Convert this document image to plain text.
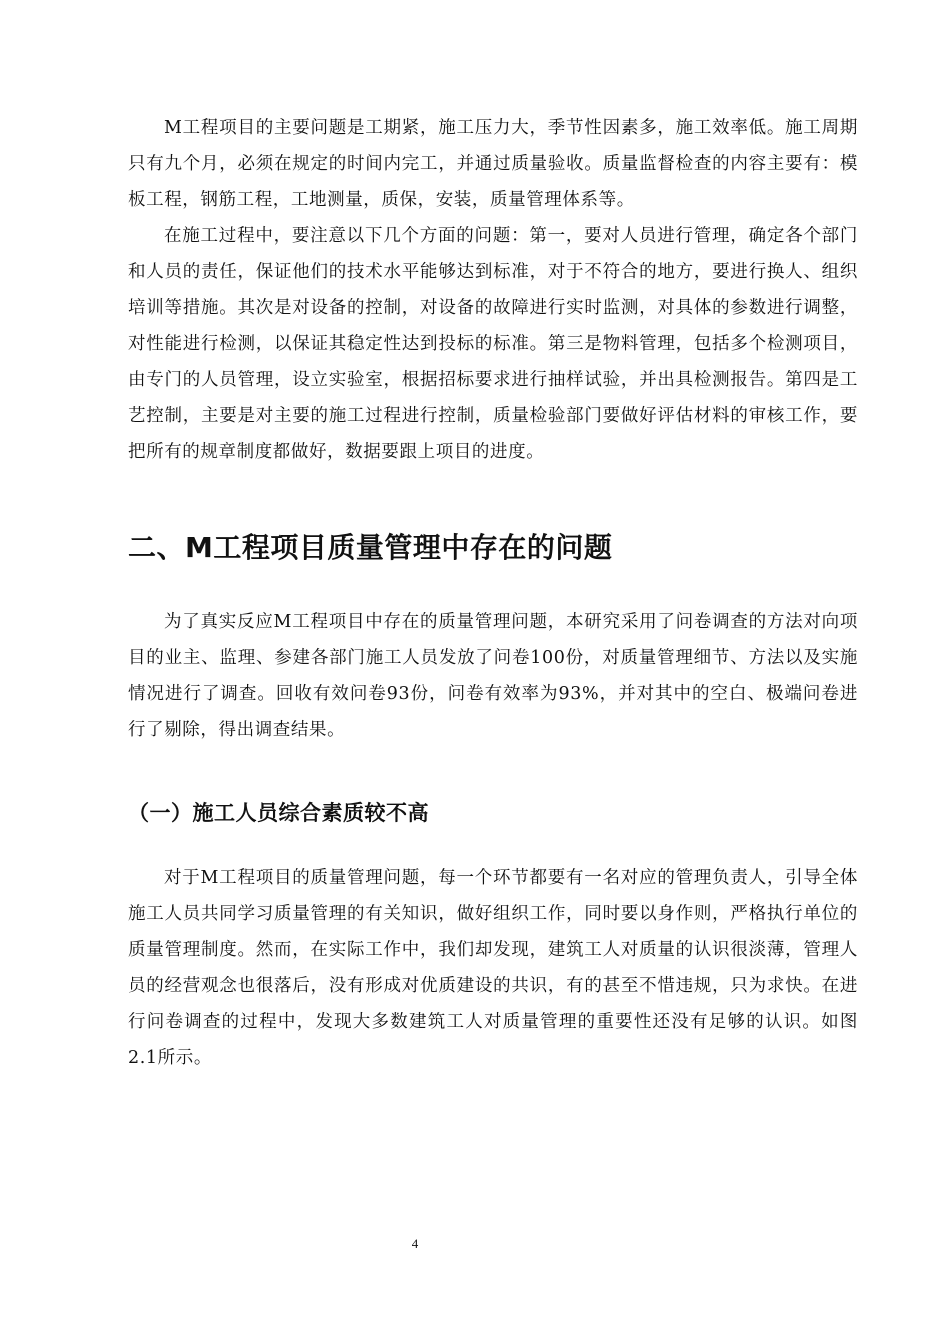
M工程项目的主要问题是工期紧，施工压力大，季节性因素多，施工效率低。施工周期只有九个月，必须在规定的时间内完工，并通过质量验收。质量监督检查的内容主要有：模板工程，钢筋工程，工地测量，质保，安装，质量管理体系等。

在施工过程中，要注意以下几个方面的问题：第一，要对人员进行管理，确定各个部门和人员的责任，保证他们的技术水平能够达到标准，对于不符合的地方，要进行换人、组织培训等措施。其次是对设备的控制，对设备的故障进行实时监测，对具体的参数进行调整，对性能进行检测，以保证其稳定性达到投标的标准。第三是物料管理，包括多个检测项目，由专门的人员管理，设立实验室，根据招标要求进行抽样试验，并出具检测报告。第四是工艺控制，主要是对主要的施工过程进行控制，质量检验部门要做好评估材料的审核工作，要把所有的规章制度都做好，数据要跟上项目的进度。

二、M工程项目质量管理中存在的问题

为了真实反应M工程项目中存在的质量管理问题，本研究采用了问卷调查的方法对向项目的业主、监理、参建各部门施工人员发放了问卷100份，对质量管理细节、方法以及实施情况进行了调查。回收有效问卷93份，问卷有效率为93%，并对其中的空白、极端问卷进行了剔除，得出调查结果。

（一）施工人员综合素质较不高

对于M工程项目的质量管理问题，每一个环节都要有一名对应的管理负责人，引导全体施工人员共同学习质量管理的有关知识，做好组织工作，同时要以身作则，严格执行单位的质量管理制度。然而，在实际工作中，我们却发现，建筑工人对质量的认识很淡薄，管理人员的经营观念也很落后，没有形成对优质建设的共识，有的甚至不惜违规，只为求快。在进行问卷调查的过程中，发现大多数建筑工人对质量管理的重要性还没有足够的认识。如图2.1所示。

4
